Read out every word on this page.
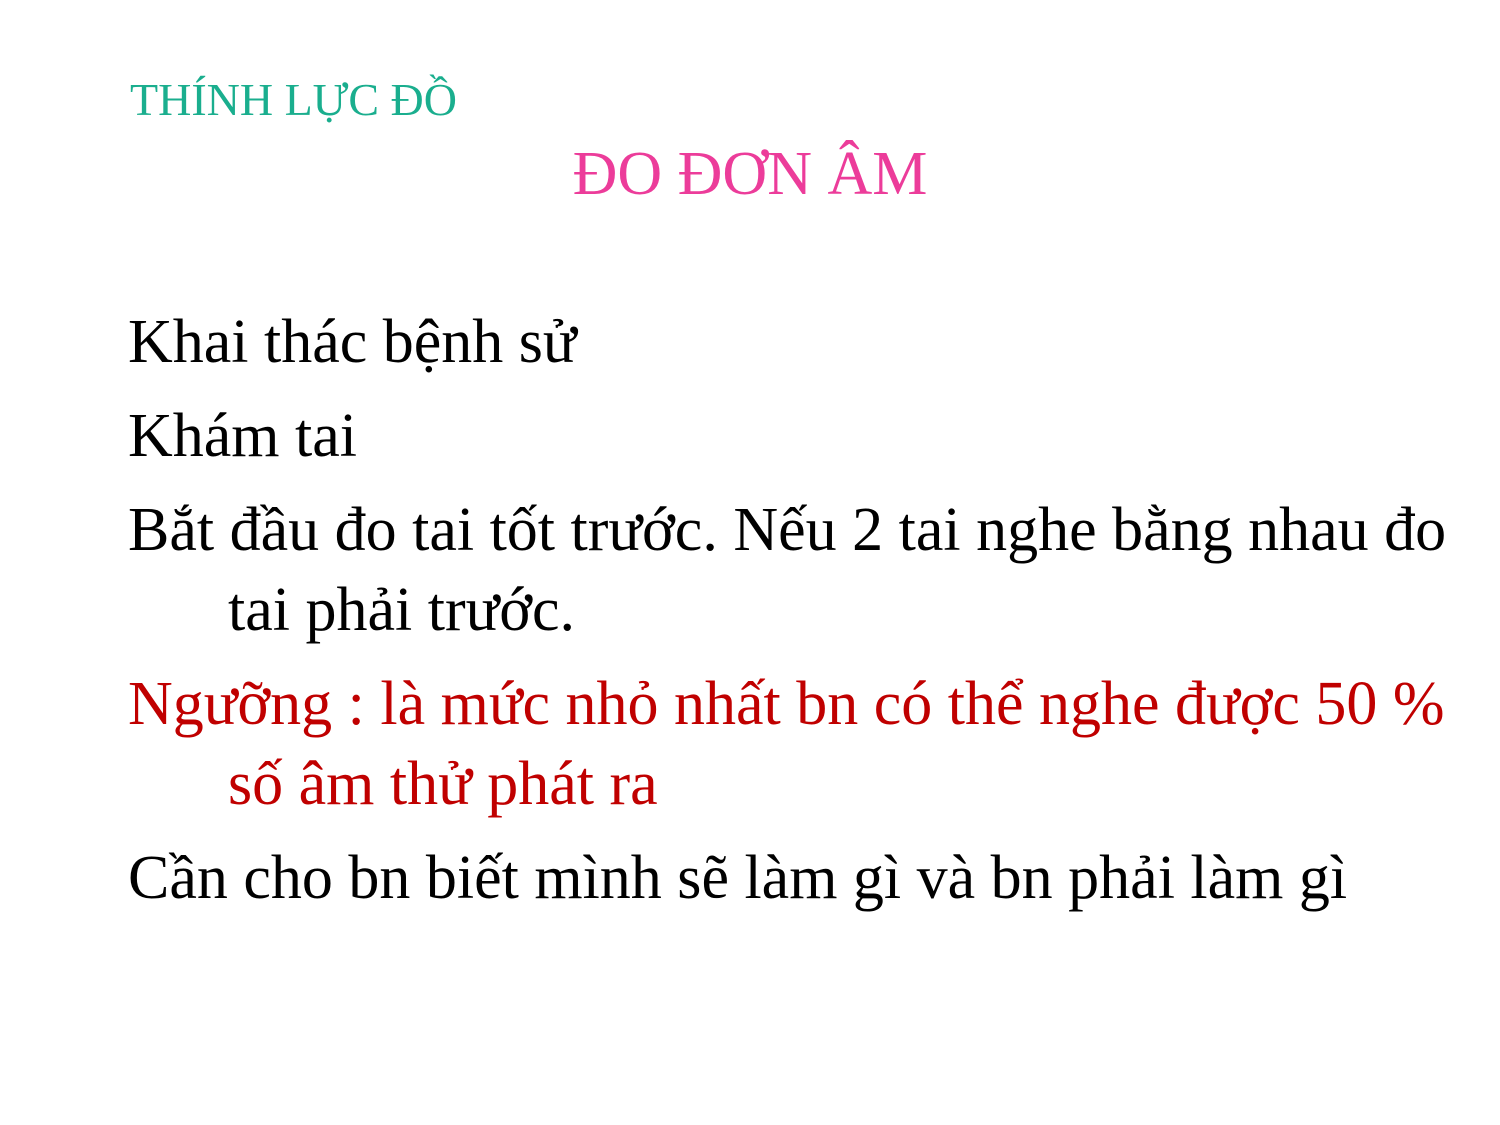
THÍNH LỰC ĐỒ
ĐO ĐƠN ÂM
Khai thác bệnh sử
Khám tai
Bắt đầu đo tai tốt trước. Nếu 2 tai nghe bằng nhau đo tai phải trước.
Ngưỡng : là mức nhỏ nhất bn có thể nghe được 50 % số âm thử phát ra
Cần cho bn biết mình sẽ làm gì và bn phải làm gì
